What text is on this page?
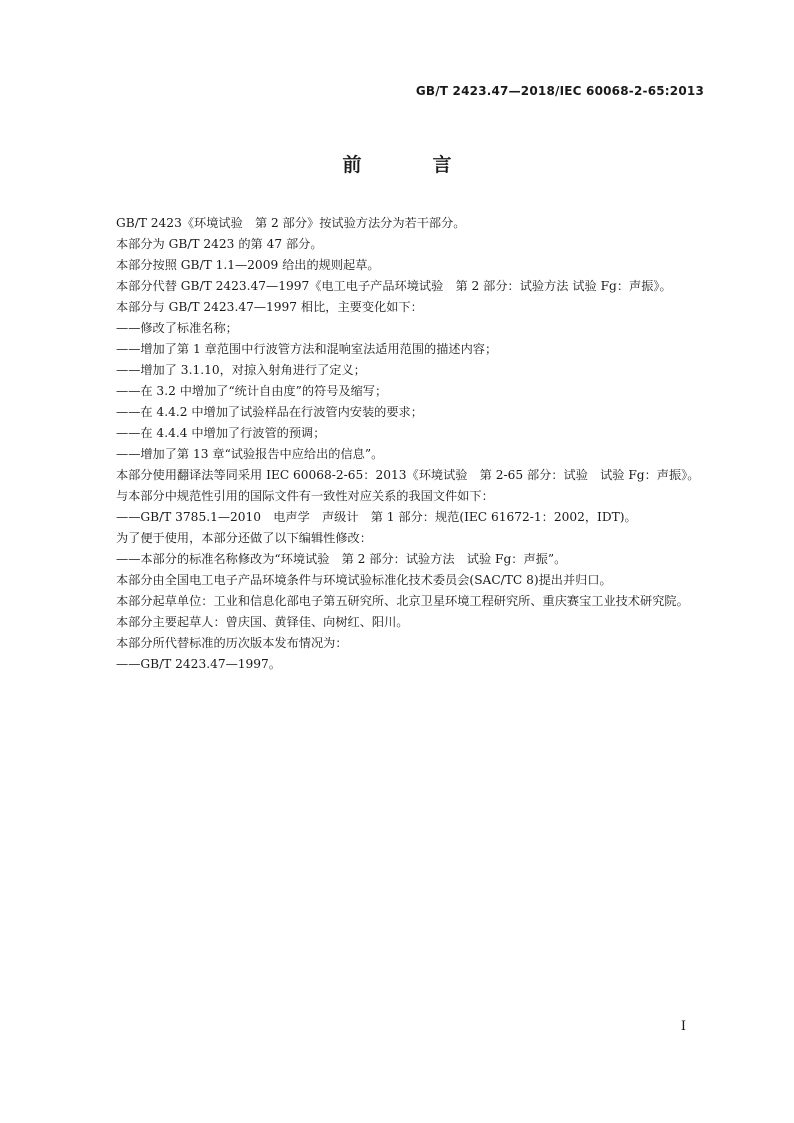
GB/T 2423.47—2018/IEC 60068-2-65:2013
前　言
GB/T 2423《环境试验　第 2 部分》按试验方法分为若干部分。
本部分为 GB/T 2423 的第 47 部分。
本部分按照 GB/T 1.1—2009 给出的规则起草。
本部分代替 GB/T 2423.47—1997《电工电子产品环境试验　第 2 部分：试验方法 试验 Fg：声振》。
本部分与 GB/T 2423.47—1997 相比，主要变化如下：
——修改了标准名称；
——增加了第 1 章范围中行波管方法和混响室法适用范围的描述内容；
——增加了 3.1.10，对掠入射角进行了定义；
——在 3.2 中增加了“统计自由度”的符号及缩写；
——在 4.4.2 中增加了试验样品在行波管内安装的要求；
——在 4.4.4 中增加了行波管的预调；
——增加了第 13 章“试验报告中应给出的信息”。
本部分使用翻译法等同采用 IEC 60068-2-65：2013《环境试验　第 2-65 部分：试验　试验 Fg：声振》。
与本部分中规范性引用的国际文件有一致性对应关系的我国文件如下：
——GB/T 3785.1—2010　电声学　声级计　第 1 部分：规范(IEC 61672-1：2002，IDT)。
为了便于使用，本部分还做了以下编辑性修改：
——本部分的标准名称修改为“环境试验　第 2 部分：试验方法　试验 Fg：声振”。
本部分由全国电工电子产品环境条件与环境试验标准化技术委员会(SAC/TC 8)提出并归口。
本部分起草单位：工业和信息化部电子第五研究所、北京卫星环境工程研究所、重庆赛宝工业技术研究院。
本部分主要起草人：曾庆国、黄铎佳、向树红、阳川。
本部分所代替标准的历次版本发布情况为：
——GB/T 2423.47—1997。
I
